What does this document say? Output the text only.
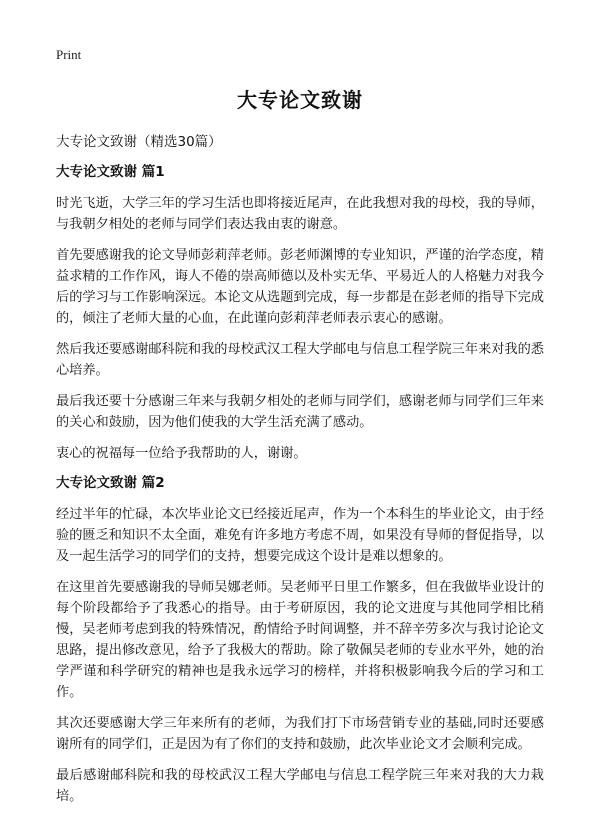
Print
大专论文致谢
大专论文致谢（精选30篇）
大专论文致谢 篇1

时光飞逝，大学三年的学习生活也即将接近尾声，在此我想对我的母校，我的导师，与我朝夕相处的老师与同学们表达我由衷的谢意。

首先要感谢我的论文导师彭莉萍老师。彭老师渊博的专业知识，严谨的治学态度，精益求精的工作作风，诲人不倦的崇高师德以及朴实无华、平易近人的人格魅力对我今后的学习与工作影响深远。本论文从选题到完成，每一步都是在彭老师的指导下完成的，倾注了老师大量的心血，在此谨向彭莉萍老师表示衷心的感谢。

然后我还要感谢邮科院和我的母校武汉工程大学邮电与信息工程学院三年来对我的悉心培养。

最后我还要十分感谢三年来与我朝夕相处的老师与同学们，感谢老师与同学们三年来的关心和鼓励，因为他们使我的大学生活充满了感动。

衷心的祝福每一位给予我帮助的人，谢谢。

大专论文致谢 篇2

经过半年的忙碌，本次毕业论文已经接近尾声，作为一个本科生的毕业论文，由于经验的匮乏和知识不太全面，难免有许多地方考虑不周，如果没有导师的督促指导，以及一起生活学习的同学们的支持，想要完成这个设计是难以想象的。

在这里首先要感谢我的导师吴娜老师。吴老师平日里工作繁多，但在我做毕业设计的每个阶段都给予了我悉心的指导。由于考研原因，我的论文进度与其他同学相比稍慢，吴老师考虑到我的特殊情况，酌情给予时间调整，并不辞辛劳多次与我讨论论文思路，提出修改意见，给予了我极大的帮助。除了敬佩吴老师的专业水平外，她的治学严谨和科学研究的精神也是我永远学习的榜样，并将积极影响我今后的学习和工作。

其次还要感谢大学三年来所有的老师，为我们打下市场营销专业的基础,同时还要感谢所有的同学们，正是因为有了你们的支持和鼓励，此次毕业论文才会顺利完成。

最后感谢邮科院和我的母校武汉工程大学邮电与信息工程学院三年来对我的大力栽培。
